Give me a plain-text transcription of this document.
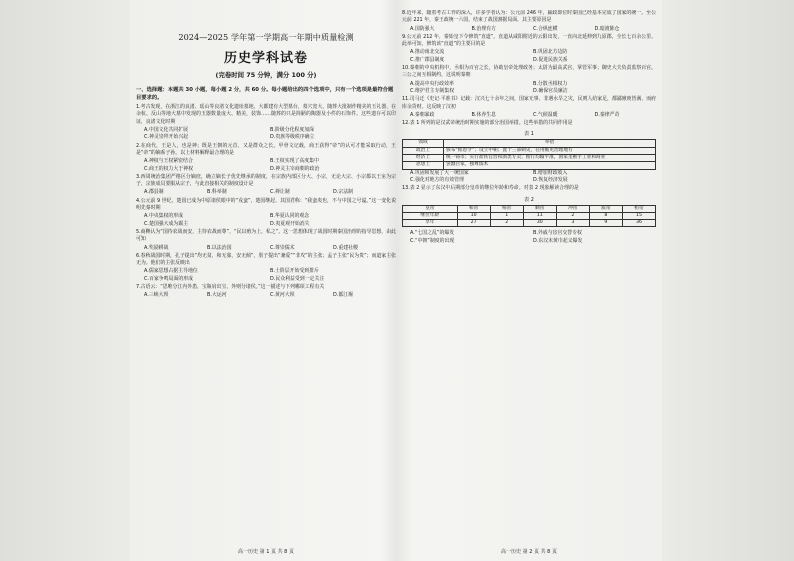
2024—2025 学年第一学期高一年期中质量检测
历史学科试卷
(完卷时间 75 分钟，满分 100 分)
一、选择题：本题共 30 小题，每小题 2 分，共 60 分。每小题给出的四个选项中，只有一个选项是最符合题目要求的。
1.考古发现，在浙江的良渚、瑶山等良渚文化遗址墓地，大都建有大型墓台，墓穴宽大，随葬大批制作精美的玉礼器，在余杭、反山等地大墓中发现的玉器数量庞大、精美，装饰……随葬的只是简陋的陶器及小件的石饰件。这些遗存可以印证，良渚文化时期
A.中国文化共同扩展	B.阶级分化程度加深
C.神灵崇拜开始兴起	D.贵族等级秩序确立
2.在商代，王是人，也是神；既是王朝的元首，又是群众之长。甲骨文记载，商王获得“帝”的认可才能采取行动，王是“帝”的嫡系子孙。以上材料解释最合理的是
A.神权与王权紧密结合	B.王权实现了高度集中
C.商王的权力大于神权	D.神灵主宰商朝的政治
3.西周统治集团严格区分嫡庶，确立嫡长子优先继承的制度，在宗族内部区分大、小宗，无论大宗、小宗都以王室为宗子，宗族成员要服从宗子，与此直接相关的制度设计是
A.郡县制	B.科举制	C.禅让制	D.宗法制
4.公元前 9 世纪，楚国已成为中原诸侯眼中的“戎蛮”，楚国继起，其国君称：“我蛮夷也，不与中国之号谥。”这一变化说明先秦时期
A.中央集权的形成	B.华夏认同的观念
C.楚国强大成为霸主	D.夷夏观开始消失
5.商鞅认为“国待农战而安，主待农战而尊”，“民以殖为上，私之”。这一思想体现了战国时期秦国治理的指导思想，由此可知
A.奖励耕战	B.以法治国	C.尊崇儒术	D.重建社稷
6.春秋战国时期，孔子提出“均无贫，和无寡，安无倾”，墨子提出“兼爱”“非攻”的主张；孟子主张“民为贵”；而道家主张无为。他们的主张反映出
A.儒家思想占据主导地位	B.士阶层开始受到排斥
C.百家争鸣局面的形成	D.民众利益受到一定关注
7.古语云：“思唯分江内外患，宝瓶肩出宝，外则分诸侯。”这一描述与下列哪项工程有关
A.三峡大坝	B.大运河	C.黄河大坝	D.都江堰
高一历史 第 1 页 共 8 页
8.近年来，随着考古工作的深入，许多学者认为：公元前 246 年，嬴政即位时秦国已经基本完成了国家的统一。至公元前 221 年，秦王政统一六国，结束了战国割据局面，其主要原因是
A.国防强大	B.治理有方	C.合纵连横	D.暗渡陈仓
9.公元前 212 年，秦始皇下令修筑“直道”。直道从咸阳附近的云阳出发，一直向北延伸到九原郡，全长七百余公里。此举可知，修筑该“直道”的主要目的是
A.推动南北交流	B.巩固北方边防
C.推广郡县制度	D.促进民族关系
10.秦朝的中央机构中，丞相为百官之长，协助皇帝处理政务；太尉为最高武官，掌管军事；御史大夫负责监察百官。三公之间互相制约，这说明秦朝
A.提高中央行政效率	B.分散丞相权力
C.维护君主专制集权	D.确保官员廉洁
11.司马迁《史记·平准书》记载：汉兴七十余年之间，国家无事，非遇水旱之灾，民则人给家足，都鄙廪庾皆满，而府库余货财。这反映了汉初
A.秦朝暴政	B.休养生息	C.气候温暖	D.秦律严苛
12.表 1 所列的是汉武帝统治时期实施的部分治国举措。这些举措的共同作用是
表 1
领域	举措
政治上	颁布“推恩令”；设立中朝；置十三部刺史，任用酷吏治理地方
经济上	统一铸币；实行盐铁官营和酒类专卖；推行均输平准，国家垄断手工业和商业
思想上	罢黜百家，独尊儒术
A.巩固和发展了大一统国家	B.增加财政收入
C.强化对地方的有效管理	D.恢复经济发展
13.表 2 显示了东汉中后期部分皇帝的继位年龄和寿命。对表 2 现象解读合理的是
表 2
皇帝	和帝	殇帝	顺帝	冲帝	质帝	桓帝
继位年龄	10	1	11	2	8	15
享年	27	2	30	3	9	36
A.“七国之乱”的爆发	B.外戚与宦官交替专权
C.“中朝”制度的出现	D.东汉末黄巾起义爆发
高一历史 第 2 页 共 8 页
